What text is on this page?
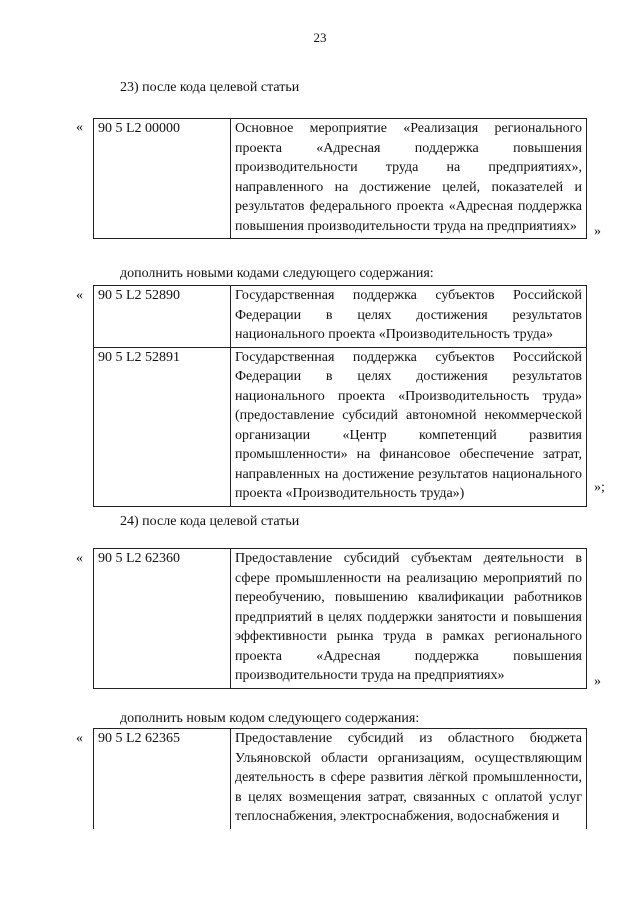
23
23) после кода целевой статьи
« 90 5 L2 00000	Основное мероприятие «Реализация регионального проекта «Адресная поддержка повышения производительности труда на предприятиях», направленного на достижение целей, показателей и результатов федерального проекта «Адресная поддержка повышения производительности труда на предприятиях» »
дополнить новыми кодами следующего содержания:
« 90 5 L2 52890	Государственная поддержка субъектов Российской Федерации в целях достижения результатов национального проекта «Производительность труда»
90 5 L2 52891	Государственная поддержка субъектов Российской Федерации в целях достижения результатов национального проекта «Производительность труда» (предоставление субсидий автономной некоммерческой организации «Центр компетенций развития промышленности» на финансовое обеспечение затрат, направленных на достижение результатов национального проекта «Производительность труда»)	»;
24) после кода целевой статьи
« 90 5 L2 62360	Предоставление субсидий субъектам деятельности в сфере промышленности на реализацию мероприятий по переобучению, повышению квалификации работников предприятий в целях поддержки занятости и повышения эффективности рынка труда в рамках регионального проекта «Адресная поддержка повышения производительности труда на предприятиях»	»
дополнить новым кодом следующего содержания:
« 90 5 L2 62365	Предоставление субсидий из областного бюджета Ульяновской области организациям, осуществляющим деятельность в сфере развития лёгкой промышленности, в целях возмещения затрат, связанных с оплатой услуг теплоснабжения, электроснабжения, водоснабжения и
